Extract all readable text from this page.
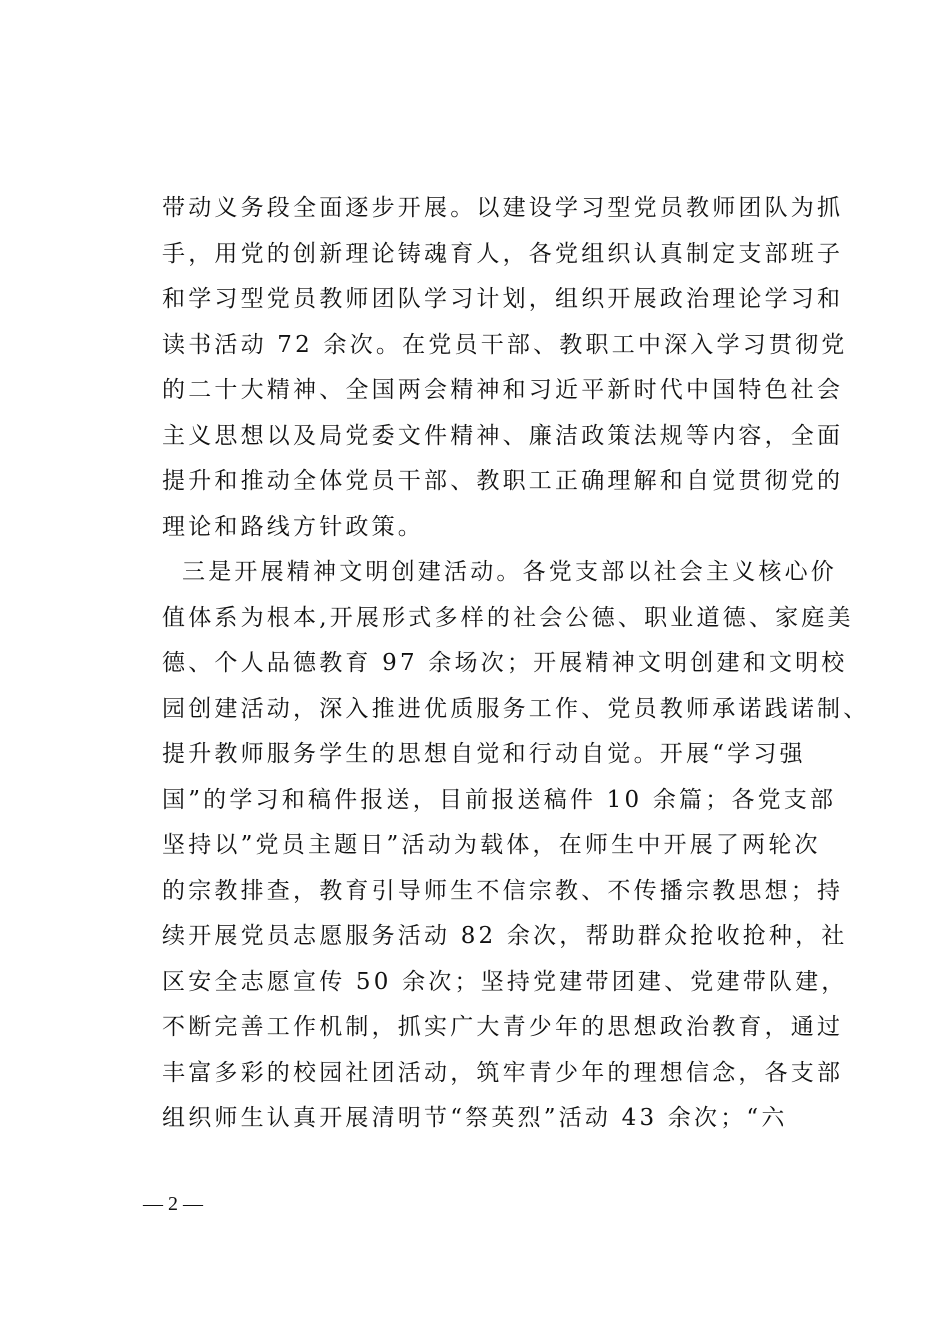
带动义务段全面逐步开展。以建设学习型党员教师团队为抓
手，用党的创新理论铸魂育人，各党组织认真制定支部班子
和学习型党员教师团队学习计划，组织开展政治理论学习和
读书活动 72 余次。在党员干部、教职工中深入学习贯彻党
的二十大精神、全国两会精神和习近平新时代中国特色社会
主义思想以及局党委文件精神、廉洁政策法规等内容，全面
提升和推动全体党员干部、教职工正确理解和自觉贯彻党的
理论和路线方针政策。
三是开展精神文明创建活动。各党支部以社会主义核心价
值体系为根本,开展形式多样的社会公德、职业道德、家庭美
德、个人品德教育 97 余场次；开展精神文明创建和文明校
园创建活动，深入推进优质服务工作、党员教师承诺践诺制、
提升教师服务学生的思想自觉和行动自觉。开展“学习强
国”的学习和稿件报送，目前报送稿件 10 余篇；各党支部
坚持以”党员主题日”活动为载体，在师生中开展了两轮次
的宗教排查，教育引导师生不信宗教、不传播宗教思想；持
续开展党员志愿服务活动 82 余次，帮助群众抢收抢种，社
区安全志愿宣传 50 余次；坚持党建带团建、党建带队建，
不断完善工作机制，抓实广大青少年的思想政治教育，通过
丰富多彩的校园社团活动，筑牢青少年的理想信念，各支部
组织师生认真开展清明节“祭英烈”活动 43 余次；“六
— 2 —
